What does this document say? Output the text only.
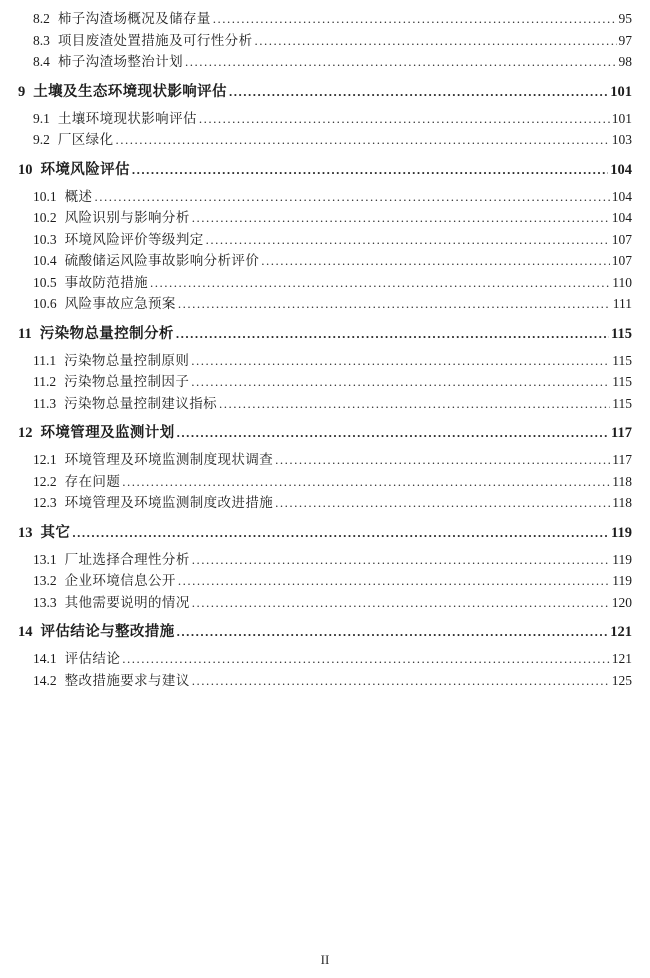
8.2 柿子沟渣场概况及储存量 .....	95
8.3 项目废渣处置措施及可行性分析 .....	97
8.4 柿子沟渣场整治计划 .....	98
9 土壤及生态环境现状影响评估 .....	101
9.1 土壤环境现状影响评估 .....	101
9.2 厂区绿化 .....	103
10 环境风险评估 .....	104
10.1 概述 .....	104
10.2 风险识别与影响分析 .....	104
10.3 环境风险评价等级判定 .....	107
10.4 硫酸储运风险事故影响分析评价 .....	107
10.5 事故防范措施 .....	110
10.6 风险事故应急预案 .....	111
11 污染物总量控制分析 .....	115
11.1 污染物总量控制原则 .....	115
11.2 污染物总量控制因子 .....	115
11.3 污染物总量控制建议指标 .....	115
12 环境管理及监测计划 .....	117
12.1 环境管理及环境监测制度现状调查 .....	117
12.2 存在问题 .....	118
12.3 环境管理及环境监测制度改进措施 .....	118
13 其它 .....	119
13.1 厂址选择合理性分析 .....	119
13.2 企业环境信息公开 .....	119
13.3 其他需要说明的情况 .....	120
14 评估结论与整改措施 .....	121
14.1 评估结论 .....	121
14.2 整改措施要求与建议 .....	125
II
